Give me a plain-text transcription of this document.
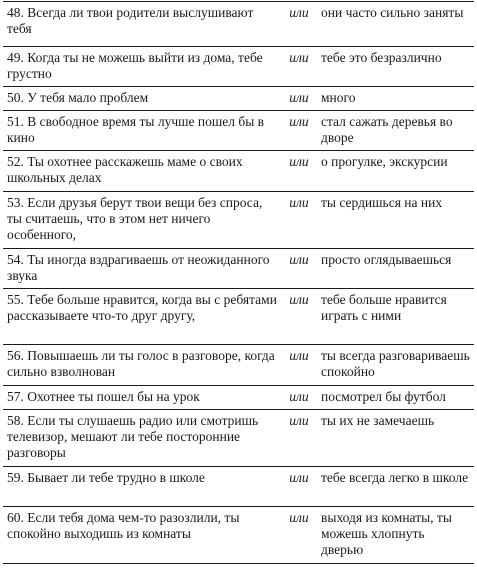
48. Всегда ли твои родители выслушивают тебя	или	они часто сильно заняты
49. Когда ты не можешь выйти из дома, тебе грустно	или	тебе это безразлично
50. У тебя мало проблем	или	много
51. В свободное время ты лучше пошел бы в кино	или	стал сажать деревья во дворе
52. Ты охотнее расскажешь маме о своих школьных делах	или	о прогулке, экскурсии
53. Если друзья берут твои вещи без спроса, ты считаешь, что в этом нет ничего особенного,	или	ты сердишься на них
54. Ты иногда вздрагиваешь от неожиданного звука	или	просто оглядываешься
55. Тебе больше нравится, когда вы с ребятами рассказываете что-то друг другу,	или	тебе больше нравится играть с ними
56. Повышаешь ли ты голос в разговоре, когда сильно взволнован	или	ты всегда разговариваешь спокойно
57. Охотнее ты пошел бы на урок	или	посмотрел бы футбол
58. Если ты слушаешь радио или смотришь телевизор, мешают ли тебе посторонние разговоры	или	ты их не замечаешь
59. Бывает ли тебе трудно в школе	или	тебе всегда легко в школе
60. Если тебя дома чем-то разозлили, ты спокойно выходишь из комнаты	или	выходя из комнаты, ты можешь хлопнуть дверью
